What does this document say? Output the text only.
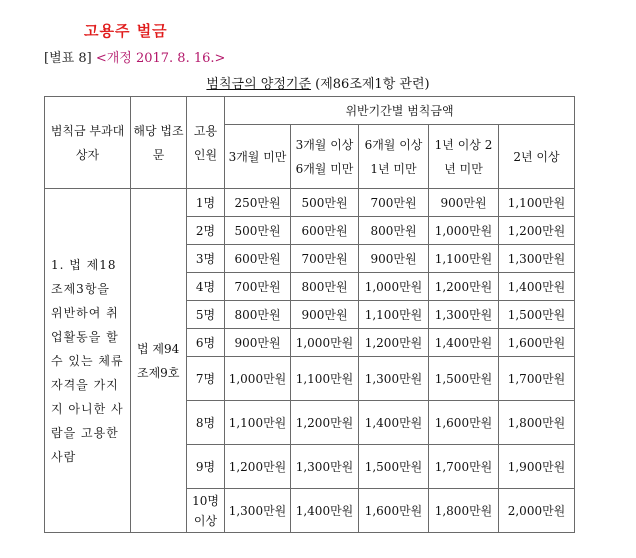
고용주 벌금
[별표 8] <개정 2017. 8. 16.>
범칙금의 양정기준 (제86조제1항 관련)
범칙금 부과대상자	해당 법조문	고용 인원	위반기간별 범칙금액				
			3개월 미만	3개월 이상 6개월 미만	6개월 이상 1년 미만	1년 이상 2년 미만	2년 이상
1. 법 제18조제3항을 위반하여 취업활동을 할 수 있는 체류자격을 가지지 아니한 사람을 고용한 사람	법 제94조제9호	1명	250만원	500만원	700만원	900만원	1,100만원
		2명	500만원	600만원	800만원	1,000만원	1,200만원
		3명	600만원	700만원	900만원	1,100만원	1,300만원
		4명	700만원	800만원	1,000만원	1,200만원	1,400만원
		5명	800만원	900만원	1,100만원	1,300만원	1,500만원
		6명	900만원	1,000만원	1,200만원	1,400만원	1,600만원
		7명	1,000만원	1,100만원	1,300만원	1,500만원	1,700만원
		8명	1,100만원	1,200만원	1,400만원	1,600만원	1,800만원
		9명	1,200만원	1,300만원	1,500만원	1,700만원	1,900만원
		10명 이상	1,300만원	1,400만원	1,600만원	1,800만원	2,000만원
